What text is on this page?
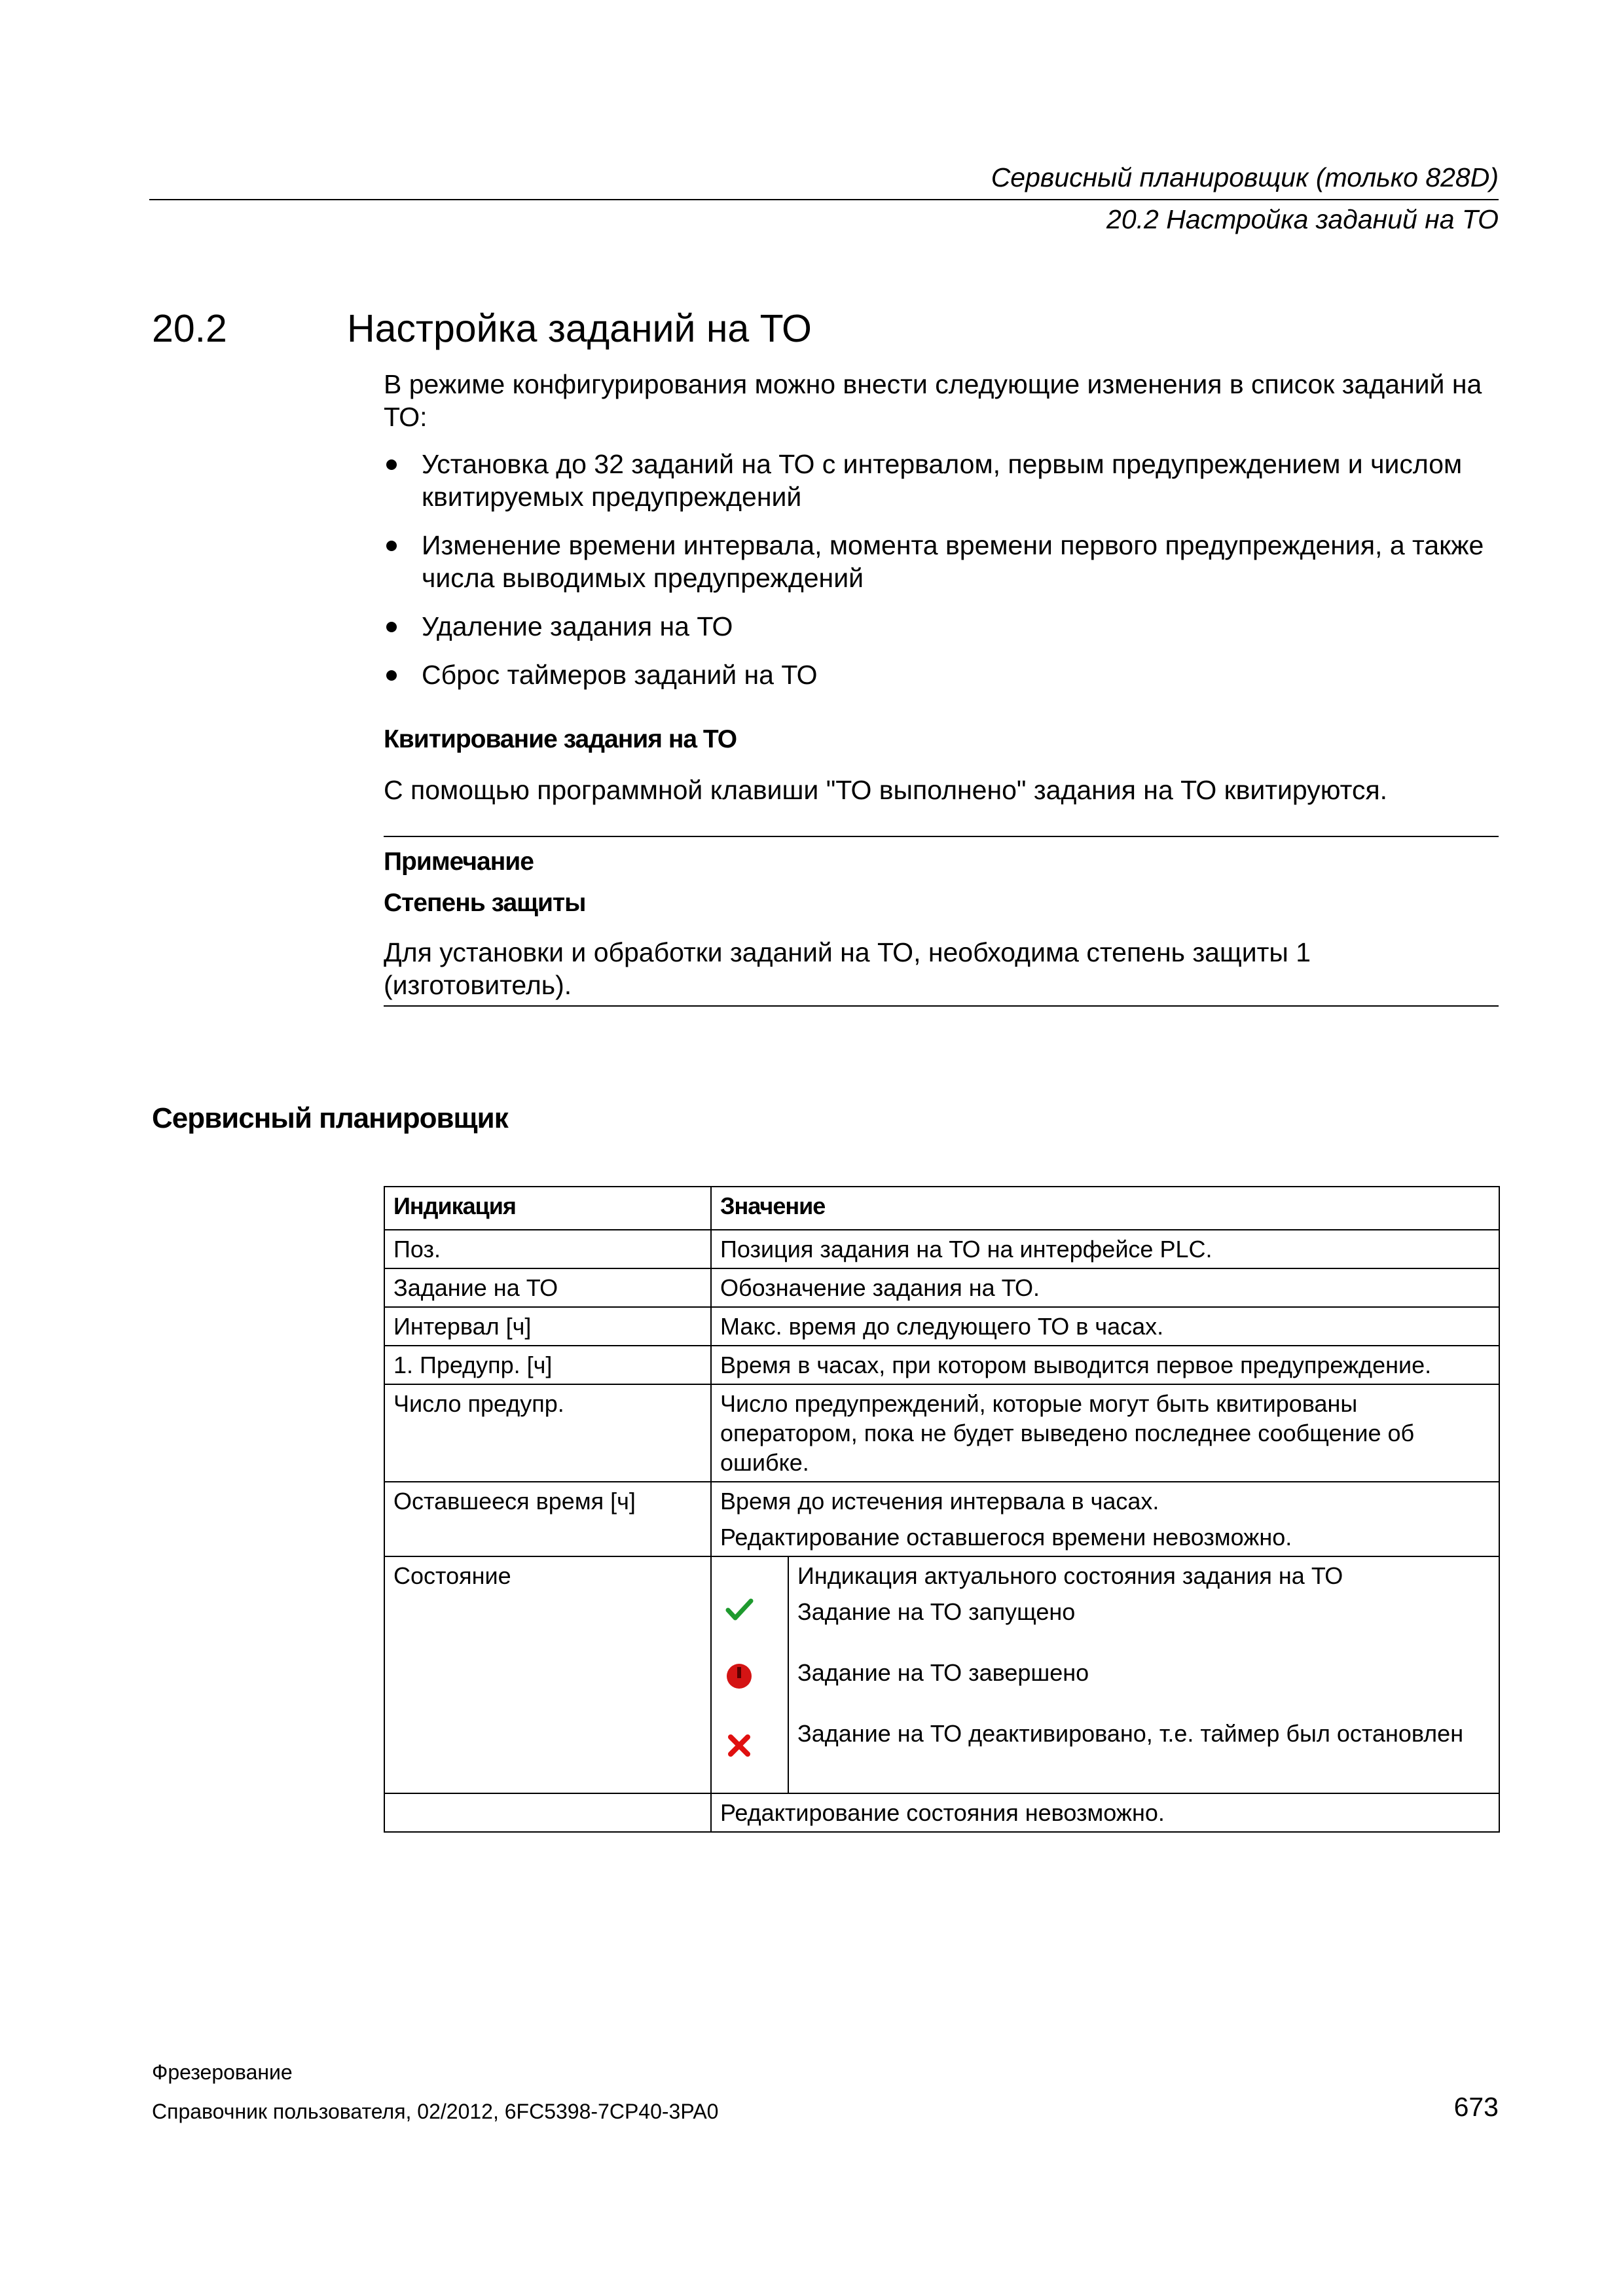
Сервисный планировщик (только 828D)
20.2 Настройка заданий на ТО
20.2	Настройка заданий на ТО
В режиме конфигурирования можно внести следующие изменения в список заданий на ТО:
Установка до 32 заданий на ТО с интервалом, первым предупреждением и числом квитируемых предупреждений
Изменение времени интервала, момента времени первого предупреждения, а также числа выводимых предупреждений
Удаление задания на ТО
Сброс таймеров заданий на ТО
Квитирование задания на ТО
С помощью программной клавиши "ТО выполнено" задания на ТО квитируются.
Примечание
Степень защиты
Для установки и обработки заданий на ТО, необходима степень защиты 1 (изготовитель).
Сервисный планировщик
Индикация	Значение	
Поз.	Позиция задания на ТО на интерфейсе PLC.	
Задание на ТО	Обозначение задания на ТО.	
Интервал [ч]	Макс. время до следующего ТО в часах.	
1. Предупр. [ч]	Время в часах, при котором выводится первое предупреждение.	
Число предупр.	Число предупреждений, которые могут быть квитированы оператором, пока не будет выведено последнее сообщение об ошибке.	
Оставшееся время [ч]	Время до истечения интервала в часах.
Редактирование оставшегося времени невозможно.	

Состояние		Индикация актуального состояния задания на ТО
Задание на ТО запущено
Задание на ТО завершено
Задание на ТО деактивировано, т.е. таймер был остановлен

	Редактирование состояния невозможно.	
Фрезерование
Справочник пользователя, 02/2012, 6FC5398-7CP40-3PA0	673
